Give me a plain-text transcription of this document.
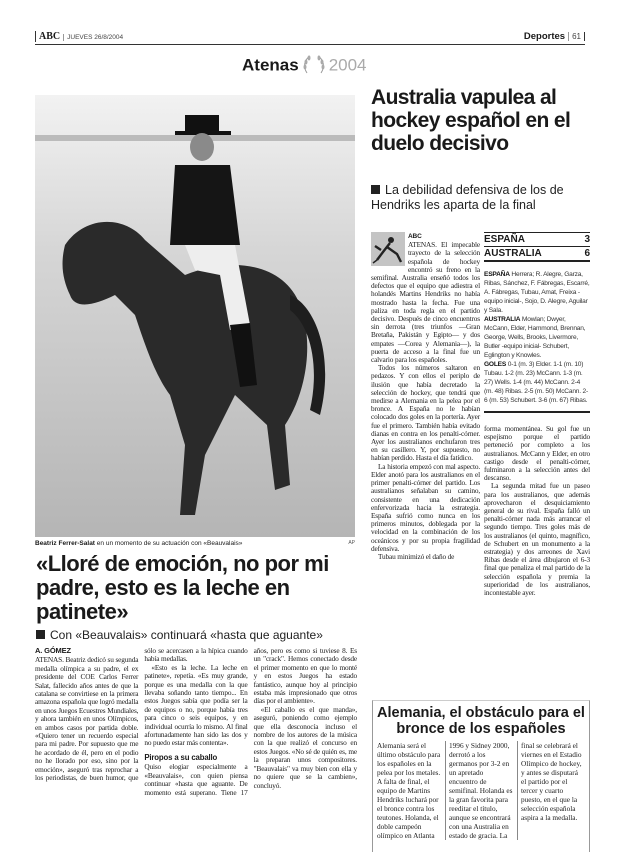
ABC JUEVES 26/8/2004	Deportes 61
Atenas 2004
Beatriz Ferrer-Salat en un momento de su actuación con «Beauvalais»	AP
Australia vapulea al hockey español en el duelo decisivo
La debilidad defensiva de los de Hendriks les aparta de la final

ABC

ATENAS. El impecable trayecto de la selección española de hockey encontró su freno en la semifinal. Australia enseñó todos los defectos que el equipo que adiestra el holandés Martins Hendriks no había mostrado hasta la fecha. Fue una paliza en toda regla en el partido decisivo. Después de cinco encuentros sin derrota (tres triunfos —Gran Bretaña, Pakistán y Egipto— y dos empates —Corea y Alemania—), la puerta de acceso a la final fue un calvario para los españoles.

Todos los números saltaron en pedazos. Y con ellos el periplo de ilusión que había decretado la selección de hockey, que tendrá que medirse a Alemania en la pelea por el bronce. A España no le habían colocado dos goles en la portería. Ayer fue el primero. También había evitado dianas en contra en los penalti-córner. Ayer los australianos enchufaron tres en su casillero. Y, por supuesto, no habían perdido. Hasta el día fatídico.

La historia empezó con mal aspecto. Elder anotó para los australianos en el primer penalti-córner del partido. Los australianos señalaban su camino, consistente en una dedicación enfervorizada hacia la estrategia. España sufrió como nunca en los primeros minutos, doblegada por la velocidad en la combinación de los oceánicos y por su propia fragilidad defensiva.

Tubau minimizó el daño de

ESPAÑA	3
AUSTRALIA	6
ESPAÑA Herrera; R. Alegre, Garza, Ribas, Sánchez, F. Fábregas, Escarré, A. Fábregas, Tubau, Amat, Freixa -equipo inicial-, Sojo, D. Alegre, Aguilar y Sala.
AUSTRALIA Mowlan; Dwyer, McCann, Elder, Hammond, Brennan, George, Wells, Brooks, Livermore, Butler -equipo inicial- Schubert, Eglington y Knowles.
GOLES 0-1 (m. 3) Elder. 1-1 (m. 10) Tubau. 1-2 (m. 23) McCann. 1-3 (m. 27) Wells. 1-4 (m. 44) McCann. 2-4 (m. 48) Ribas. 2-5 (m. 50) McCann. 2-6 (m. 53) Schubert. 3-6 (m. 67) Ribas.

forma momentánea. Su gol fue un espejismo porque el partido perteneció por completo a los australianos. McCann y Elder, en otro castigo desde el penalti-córner, fulminaron a la selección antes del descanso.

La segunda mitad fue un paseo para los australianos, que además aprovecharon el desquiciamiento general de su rival. España falló un penalti-córner nada más arrancar el segundo tiempo. Tres goles más de los australianos (el quinto, magnífico, de Schubert en un monumento a la estrategia) y dos arreones de Xavi Ribas desde el área dibujaron el 6-3 final que penaliza el mal partido de la selección española y premia la superioridad de los australianos, incontestable ayer.

«Lloré de emoción, no por mi padre, esto es la leche en patinete»
Con «Beauvalais» continuará «hasta que aguante»
A. GÓMEZ

ATENAS. Beatriz dedicó su segunda medalla olímpica a su padre, el ex presidente del COE Carlos Ferrer Salat, fallecido años antes de que la catalana se convirtiese en la primera amazona española que logró medalla en unos Juegos Ecuestres Mundiales, y ahora también en unos Olímpicos, en ambos casos por partida doble. «Quiero tener un recuerdo especial para mi padre. Por supuesto que me he acordado de él, pero en el podio no he llorado por eso, sino por la emoción», aseguró tras reprochar a los periodistas, de buen humor, que sólo se acercasen a la hípica cuando había medallas.

«Esto es la leche. La leche en patinete», repetía. «Es muy grande, porque es una medalla con la que llevaba soñando tanto tiempo... En estos Juegos sabía que podía ser la de equipos o no, porque había tres para cinco o seis equipos, y en individual ocurría lo mismo. Al final afortunadamente han sido las dos y no puedo estar más contenta».

Piropos a su caballo

Quiso elogiar especialmente a «Beauvalais», con quien piensa continuar «hasta que aguante. De momento está superano. Tiene 17 años, pero es como si tuviese 8. Es un "crack". Hemos conectado desde el primer momento en que lo monté y en estos Juegos ha estado fantástico, aunque hoy al principio estaba más impresionado que otros días por el ambiente».

«El caballo es el que manda», aseguró, poniendo como ejemplo que ella desconocía incluso el nombre de los autores de la música con la que realizó el concurso en estos Juegos. «No sé de quién es, me la preparan unos compositores. "Beauvalais" va muy bien con ella y no quiere que se la cambien», concluyó.

Alemania, el obstáculo para el bronce de los españoles
Alemania será el último obstáculo para los españoles en la pelea por los metales. A falta de final, el equipo de Martins Hendriks luchará por el bronce contra los teutones. Holanda, el doble campeón olímpico en Atlanta 1996 y Sidney 2000, derrotó a los germanos por 3-2 en un apretado encuentro de semifinal. Holanda es la gran favorita para reeditar el título, aunque se encontrará con una Australia en estado de gracia. La final se celebrará el viernes en el Estadio Olímpico de hockey, y antes se disputará el partido por el tercer y cuarto puesto, en el que la selección española aspira a la medalla.
